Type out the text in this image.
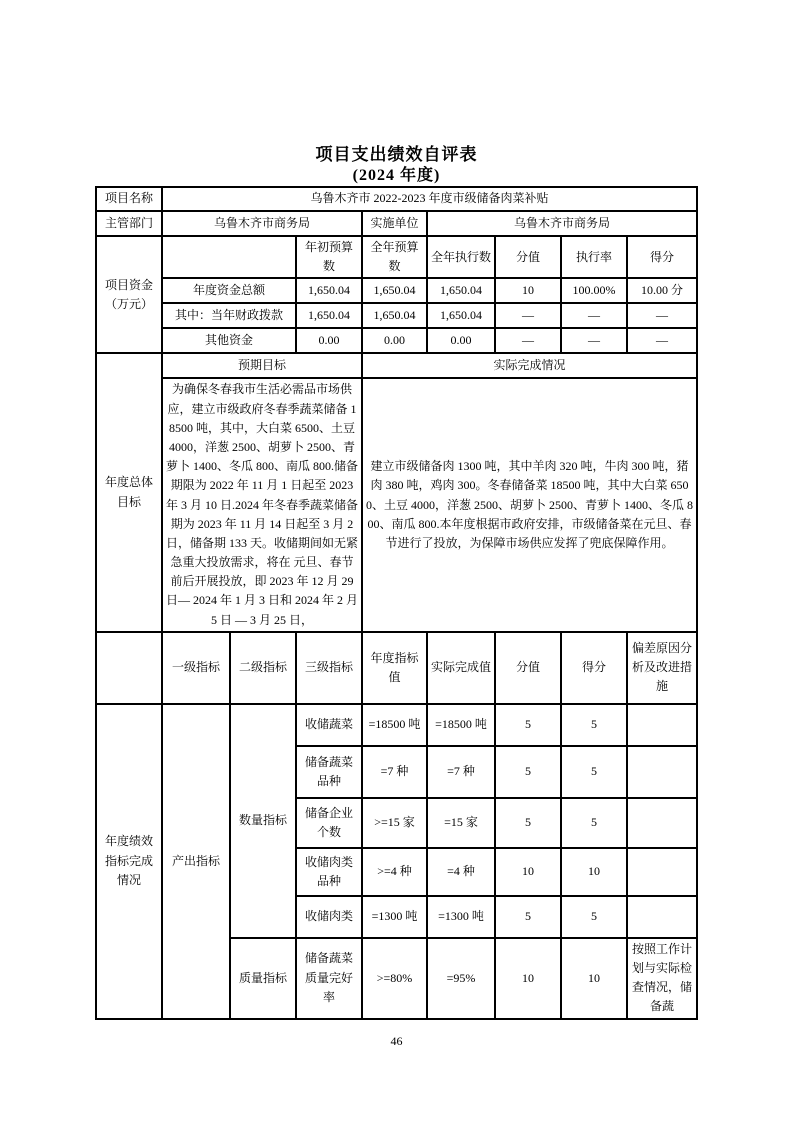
项目支出绩效自评表
(2024 年度)
项目名称	乌鲁木齐市 2022-2023 年度市级储备肉菜补贴							
主管部门	乌鲁木齐市商务局			实施单位	乌鲁木齐市商务局			
项目资金
（万元）			年初预算数	全年预算数	全年执行数	分值	执行率	得分
	年度资金总额		1,650.04	1,650.04	1,650.04	10	100.00%	10.00 分
	其中：当年财政拨款		1,650.04	1,650.04	1,650.04	—	—	—
	其他资金		0.00	0.00	0.00	—	—	—
年度总体目标	预期目标			实际完成情况				
	为确保冬春我市生活必需品市场供应，建立市级政府冬春季蔬菜储备 18500 吨，其中，大白菜 6500、土豆 4000，洋葱 2500、胡萝卜 2500、青萝卜 1400、冬瓜 800、南瓜 800.储备期限为 2022 年 11 月 1 日起至 2023 年 3 月 10 日.2024 年冬春季蔬菜储备期为 2023 年 11 月 14 日起至 3 月 2 日，储备期 133 天。收储期间如无紧急重大投放需求，将在 元旦、春节前后开展投放，即 2023 年 12 月 29 日— 2024 年 1 月 3 日和 2024 年 2 月 5 日 — 3 月 25 日，			建立市级储备肉 1300 吨，其中羊肉 320 吨，牛肉 300 吨，猪肉 380 吨，鸡肉 300。冬春储备菜 18500 吨，其中大白菜 6500、土豆 4000，洋葱 2500、胡萝卜 2500、青萝卜 1400、冬瓜 800、南瓜 800.本年度根据市政府安排，市级储备菜在元旦、春节进行了投放，为保障市场供应发挥了兜底保障作用。				
	一级指标	二级指标	三级指标	年度指标值	实际完成值	分值	得分	偏差原因分析及改进措施
年度绩效指标完成情况	产出指标	数量指标	收储蔬菜	=18500 吨	=18500 吨	5	5	
			储备蔬菜品种	=7 种	=7 种	5	5	
			储备企业个数	>=15 家	=15 家	5	5	
			收储肉类品种	>=4 种	=4 种	10	10	
			收储肉类	=1300 吨	=1300 吨	5	5	
		质量指标	储备蔬菜质量完好率	>=80%	=95%	10	10	按照工作计划与实际检查情况，储备蔬
46
